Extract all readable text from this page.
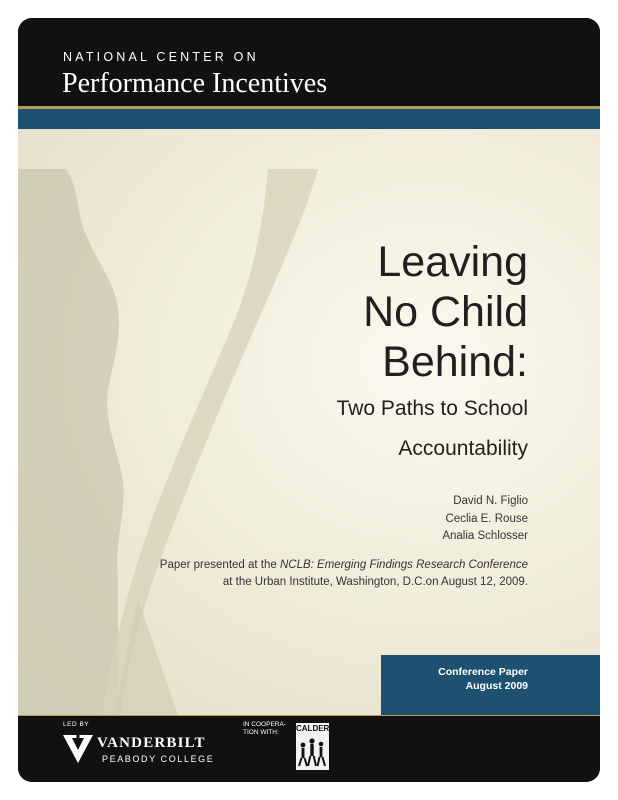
NATIONAL CENTER ON
Performance Incentives
Leaving
No Child
Behind:
Two Paths to School
Accountability
David N. Figlio
Ceclia E. Rouse
Analia Schlosser
Paper presented at the NCLB: Emerging Findings Research Conference
at the Urban Institute, Washington, D.C.on August 12, 2009.
Conference Paper
August 2009
LED BY
VANDERBILT
PEABODY COLLEGE
IN COOPERA-
TION WITH:	CALDER
